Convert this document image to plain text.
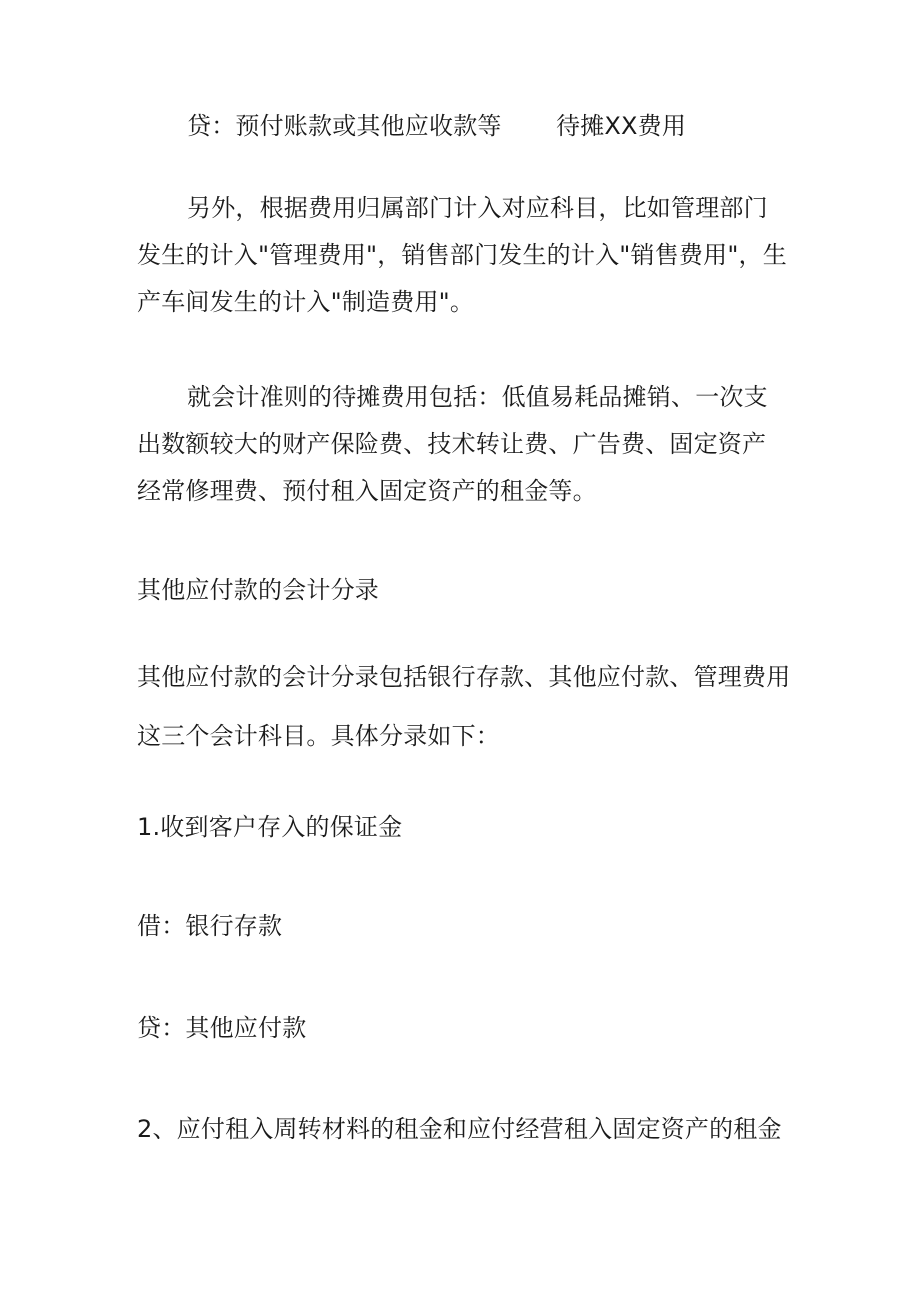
贷：预付账款或其他应收款等 待摊XX费用
另外，根据费用归属部门计入对应科目，比如管理部门发生的计入"管理费用"，销售部门发生的计入"销售费用"，生产车间发生的计入"制造费用"。
就会计准则的待摊费用包括：低值易耗品摊销、一次支出数额较大的财产保险费、技术转让费、广告费、固定资产经常修理费、预付租入固定资产的租金等。
其他应付款的会计分录
其他应付款的会计分录包括银行存款、其他应付款、管理费用
这三个会计科目。具体分录如下：
1.收到客户存入的保证金
借：银行存款
贷：其他应付款
2、应付租入周转材料的租金和应付经营租入固定资产的租金
